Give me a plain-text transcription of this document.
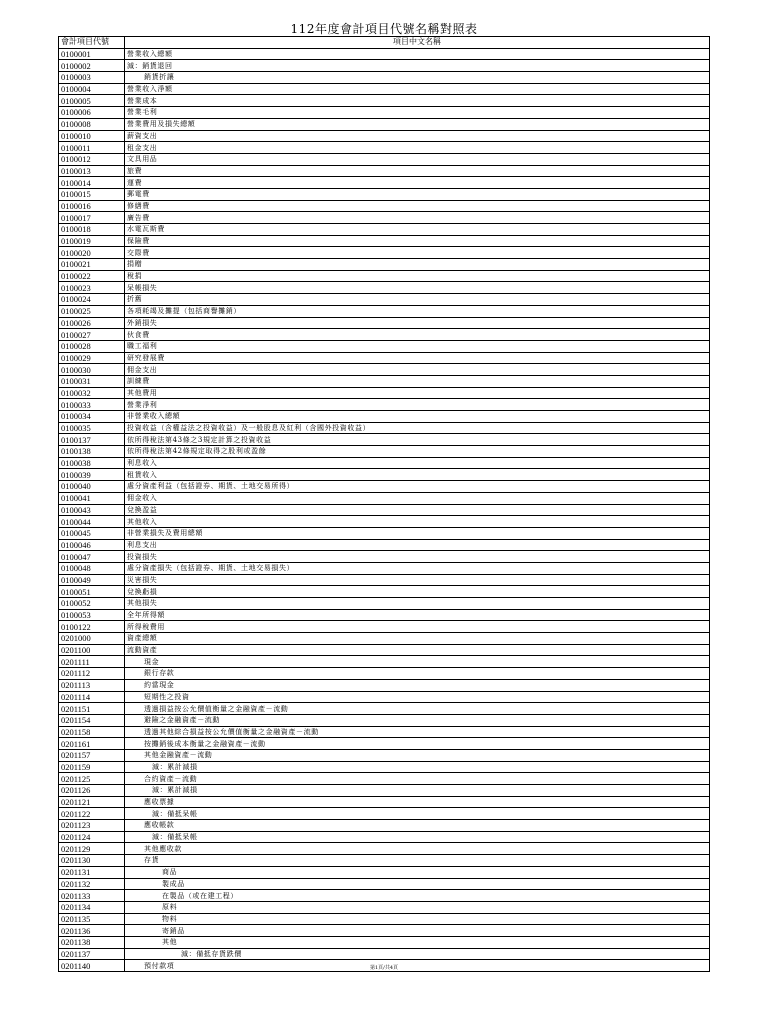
112年度會計項目代號名稱對照表
會計項目代號	項目中文名稱
0100001	營業收入總額
0100002	減：銷貨退回
0100003	銷貨折讓
0100004	營業收入淨額
0100005	營業成本
0100006	營業毛利
0100008	營業費用及損失總額
0100010	薪資支出
0100011	租金支出
0100012	文具用品
0100013	旅費
0100014	運費
0100015	郵電費
0100016	修繕費
0100017	廣告費
0100018	水電瓦斯費
0100019	保險費
0100020	交際費
0100021	捐贈
0100022	稅捐
0100023	呆帳損失
0100024	折舊
0100025	各項耗竭及攤提（包括商譽攤銷）
0100026	外銷損失
0100027	伙食費
0100028	職工福利
0100029	研究發展費
0100030	佣金支出
0100031	訓練費
0100032	其他費用
0100033	營業淨利
0100034	非營業收入總額
0100035	投資收益（含權益法之投資收益）及一般股息及紅利（含國外投資收益）
0100137	依所得稅法第43條之3規定計算之投資收益
0100138	依所得稅法第42條規定取得之股利或盈餘
0100038	利息收入
0100039	租賃收入
0100040	處分資產利益（包括證券、期貨、土地交易所得）
0100041	佣金收入
0100043	兌換盈益
0100044	其他收入
0100045	非營業損失及費用總額
0100046	利息支出
0100047	投資損失
0100048	處分資產損失（包括證券、期貨、土地交易損失）
0100049	災害損失
0100051	兌換虧損
0100052	其他損失
0100053	全年所得額
0100122	所得稅費用
0201000	資產總額
0201100	流動資產
0201111	現金
0201112	銀行存款
0201113	約當現金
0201114	短期性之投資
0201151	透過損益按公允價值衡量之金融資產－流動
0201154	避險之金融資產－流動
0201158	透過其他綜合損益按公允價值衡量之金融資產－流動
0201161	按攤銷後成本衡量之金融資產－流動
0201157	其他金融資產－流動
0201159	減：累計減損
0201125	合約資產－流動
0201126	減：累計減損
0201121	應收票據
0201122	減：備抵呆帳
0201123	應收帳款
0201124	減：備抵呆帳
0201129	其他應收款
0201130	存貨
0201131	商品
0201132	製成品
0201133	在製品（或在建工程）
0201134	原料
0201135	物料
0201136	寄銷品
0201138	其他
0201137	減：備抵存貨跌價
0201140	預付款項	第1頁/共4頁
